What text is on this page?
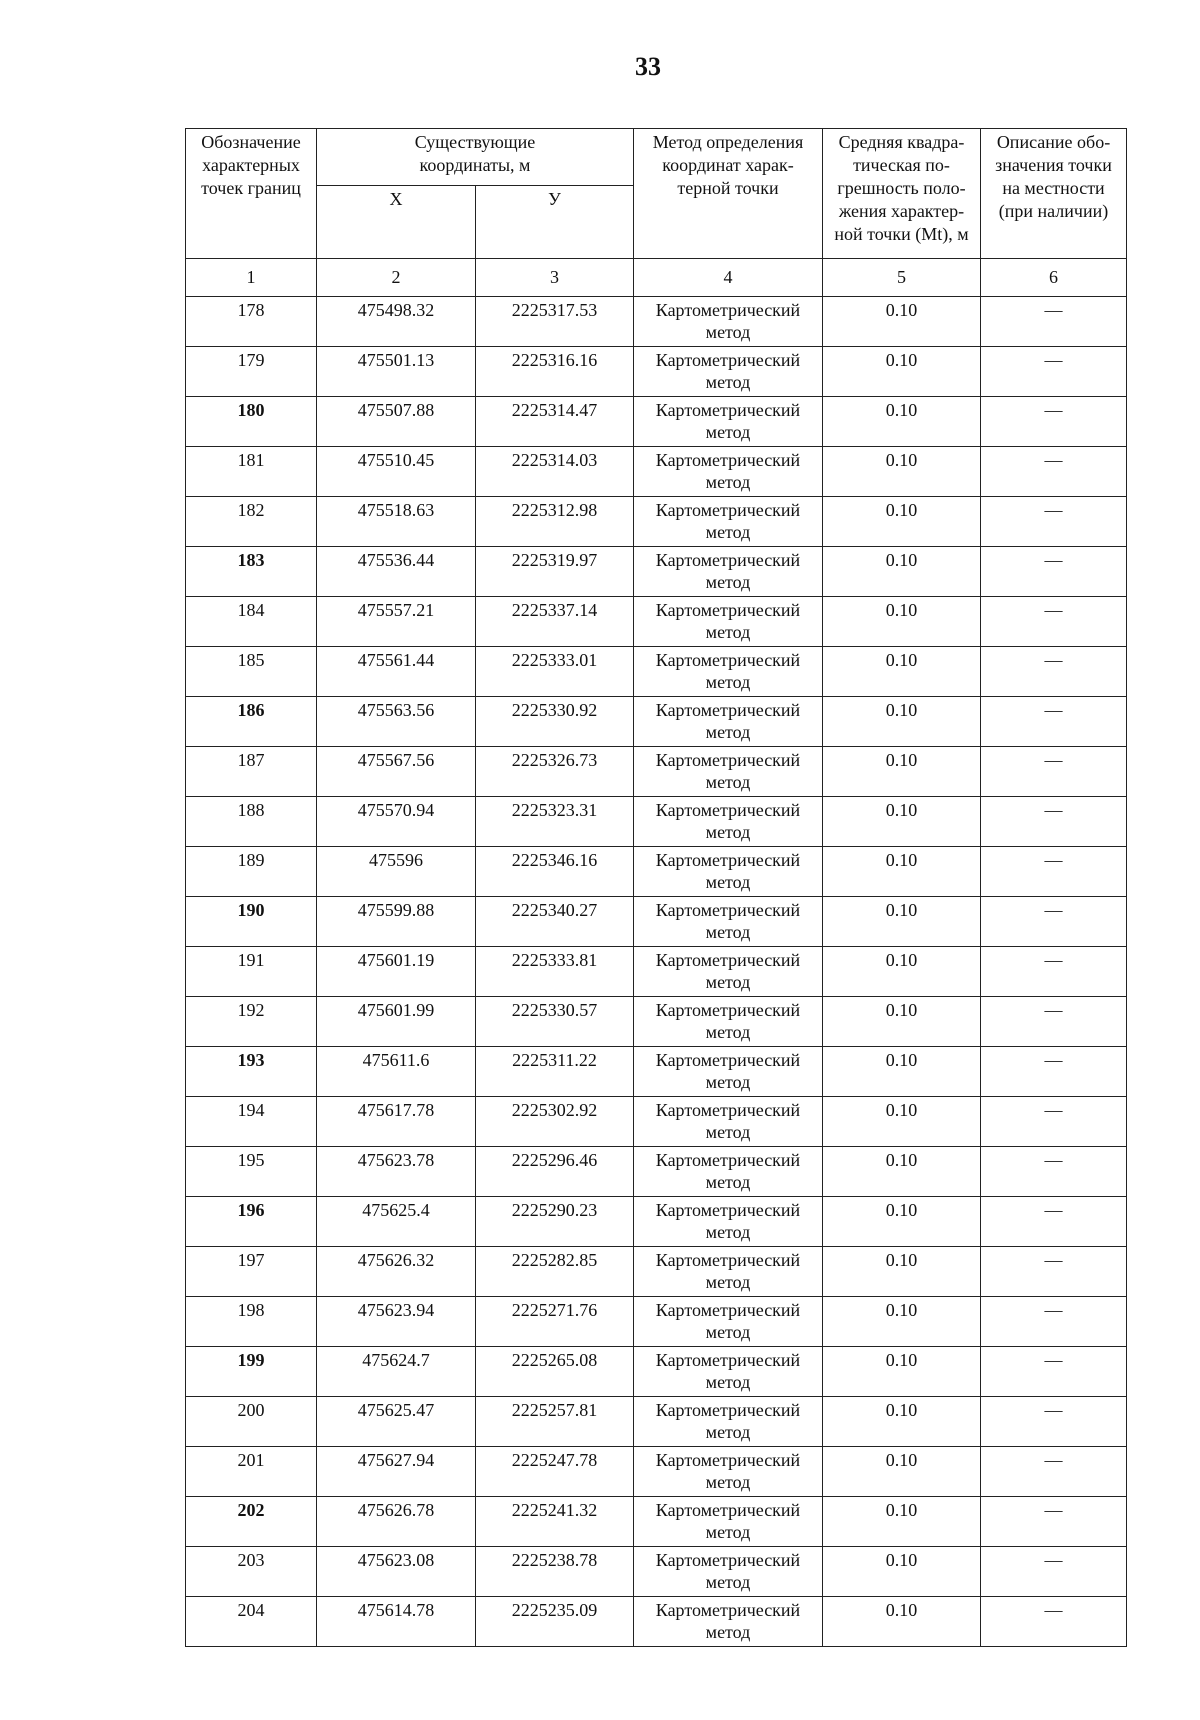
33
Обозначение
характерных
точек границ	Существующие
координаты, м		Метод определения
координат харак-
терной точки	Средняя квадра-
тическая по-
грешность поло-
жения характер-
ной точки (Mt), м	Описание обо-
значения точки
на местности
(при наличии)

	Х	У			
1	2	3	4	5	6
178	475498.32	2225317.53	Картометрический
метод	0.10	—
179	475501.13	2225316.16	Картометрический
метод	0.10	—
180	475507.88	2225314.47	Картометрический
метод	0.10	—
181	475510.45	2225314.03	Картометрический
метод	0.10	—
182	475518.63	2225312.98	Картометрический
метод	0.10	—
183	475536.44	2225319.97	Картометрический
метод	0.10	—
184	475557.21	2225337.14	Картометрический
метод	0.10	—
185	475561.44	2225333.01	Картометрический
метод	0.10	—
186	475563.56	2225330.92	Картометрический
метод	0.10	—
187	475567.56	2225326.73	Картометрический
метод	0.10	—
188	475570.94	2225323.31	Картометрический
метод	0.10	—
189	475596	2225346.16	Картометрический
метод	0.10	—
190	475599.88	2225340.27	Картометрический
метод	0.10	—
191	475601.19	2225333.81	Картометрический
метод	0.10	—
192	475601.99	2225330.57	Картометрический
метод	0.10	—
193	475611.6	2225311.22	Картометрический
метод	0.10	—
194	475617.78	2225302.92	Картометрический
метод	0.10	—
195	475623.78	2225296.46	Картометрический
метод	0.10	—
196	475625.4	2225290.23	Картометрический
метод	0.10	—
197	475626.32	2225282.85	Картометрический
метод	0.10	—
198	475623.94	2225271.76	Картометрический
метод	0.10	—
199	475624.7	2225265.08	Картометрический
метод	0.10	—
200	475625.47	2225257.81	Картометрический
метод	0.10	—
201	475627.94	2225247.78	Картометрический
метод	0.10	—
202	475626.78	2225241.32	Картометрический
метод	0.10	—
203	475623.08	2225238.78	Картометрический
метод	0.10	—
204	475614.78	2225235.09	Картометрический
метод	0.10	—
